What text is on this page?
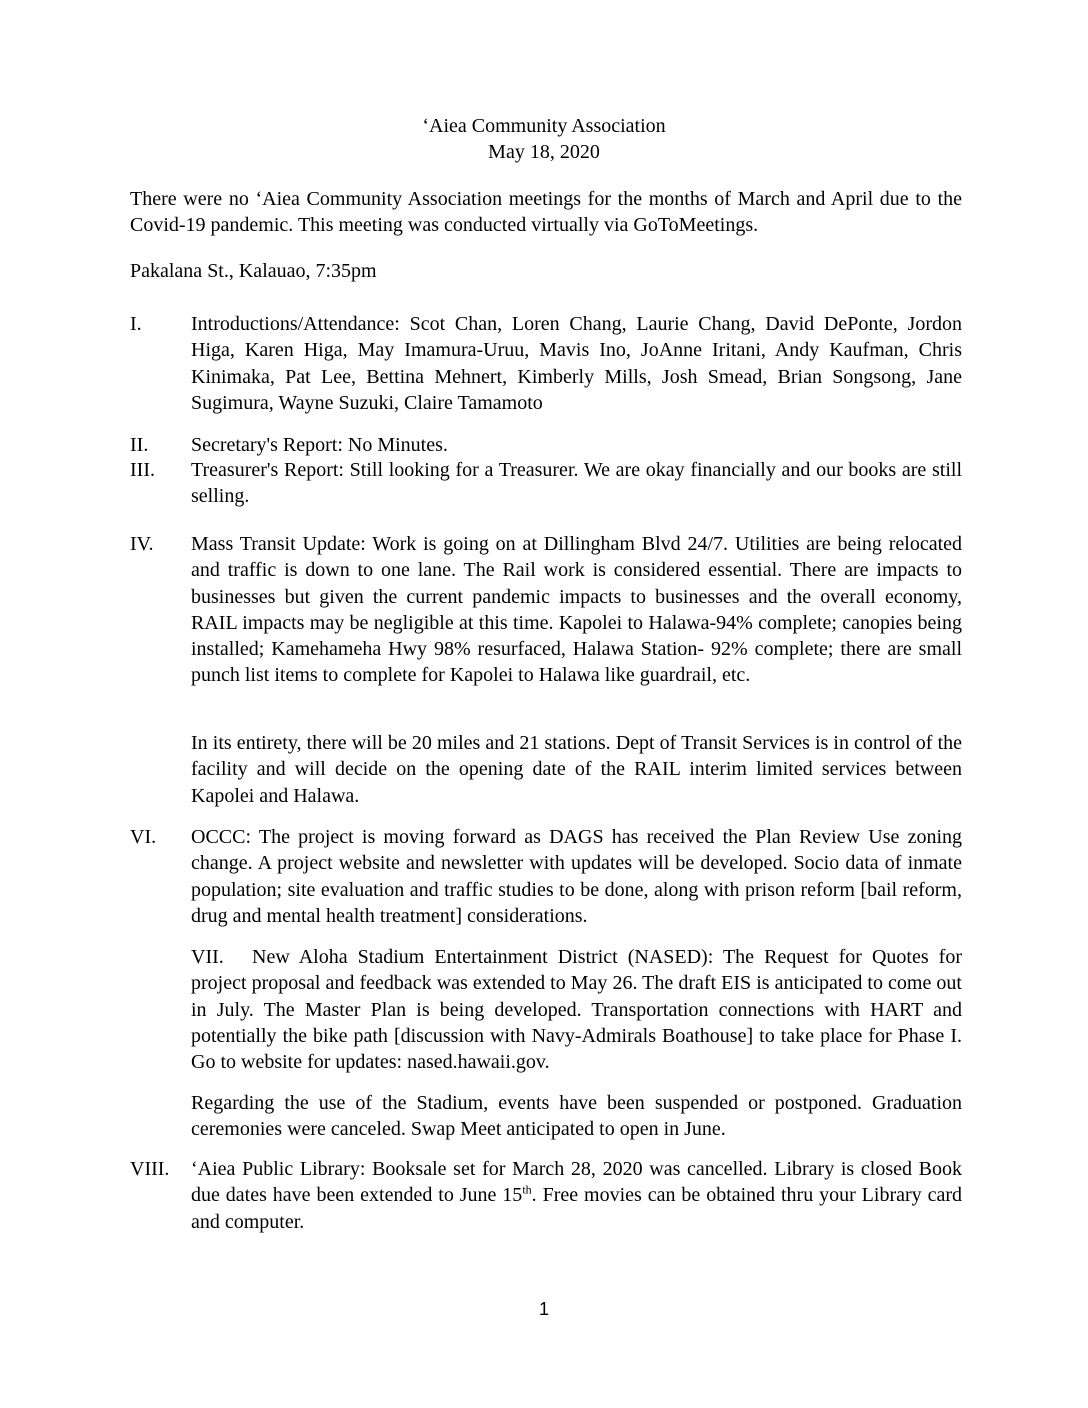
‘Aiea Community Association
May 18, 2020
There were no ‘Aiea Community Association meetings for the months of March and April due to the Covid-19 pandemic. This meeting was conducted virtually via GoToMeetings.
Pakalana St., Kalauao, 7:35pm
I.	Introductions/Attendance: Scot Chan, Loren Chang, Laurie Chang, David DePonte, Jordon Higa, Karen Higa, May Imamura-Uruu, Mavis Ino, JoAnne Iritani, Andy Kaufman, Chris Kinimaka, Pat Lee, Bettina Mehnert, Kimberly Mills, Josh Smead, Brian Songsong, Jane Sugimura, Wayne Suzuki, Claire Tamamoto
II.	Secretary's Report: No Minutes.
III.	Treasurer's Report: Still looking for a Treasurer. We are okay financially and our books are still selling.
IV.	Mass Transit Update: Work is going on at Dillingham Blvd 24/7. Utilities are being relocated and traffic is down to one lane. The Rail work is considered essential. There are impacts to businesses but given the current pandemic impacts to businesses and the overall economy, RAIL impacts may be negligible at this time. Kapolei to Halawa-94% complete; canopies being installed; Kamehameha Hwy 98% resurfaced, Halawa Station- 92% complete; there are small punch list items to complete for Kapolei to Halawa like guardrail, etc.
In its entirety, there will be 20 miles and 21 stations. Dept of Transit Services is in control of the facility and will decide on the opening date of the RAIL interim limited services between Kapolei and Halawa.
VI.	OCCC: The project is moving forward as DAGS has received the Plan Review Use zoning change. A project website and newsletter with updates will be developed. Socio data of inmate population; site evaluation and traffic studies to be done, along with prison reform [bail reform, drug and mental health treatment] considerations.
VII. New Aloha Stadium Entertainment District (NASED): The Request for Quotes for project proposal and feedback was extended to May 26. The draft EIS is anticipated to come out in July. The Master Plan is being developed. Transportation connections with HART and potentially the bike path [discussion with Navy-Admirals Boathouse] to take place for Phase I. Go to website for updates: nased.hawaii.gov.
Regarding the use of the Stadium, events have been suspended or postponed. Graduation ceremonies were canceled. Swap Meet anticipated to open in June.
VIII.	‘Aiea Public Library: Booksale set for March 28, 2020 was cancelled. Library is closed Book due dates have been extended to June 15th. Free movies can be obtained thru your Library card and computer.
1
